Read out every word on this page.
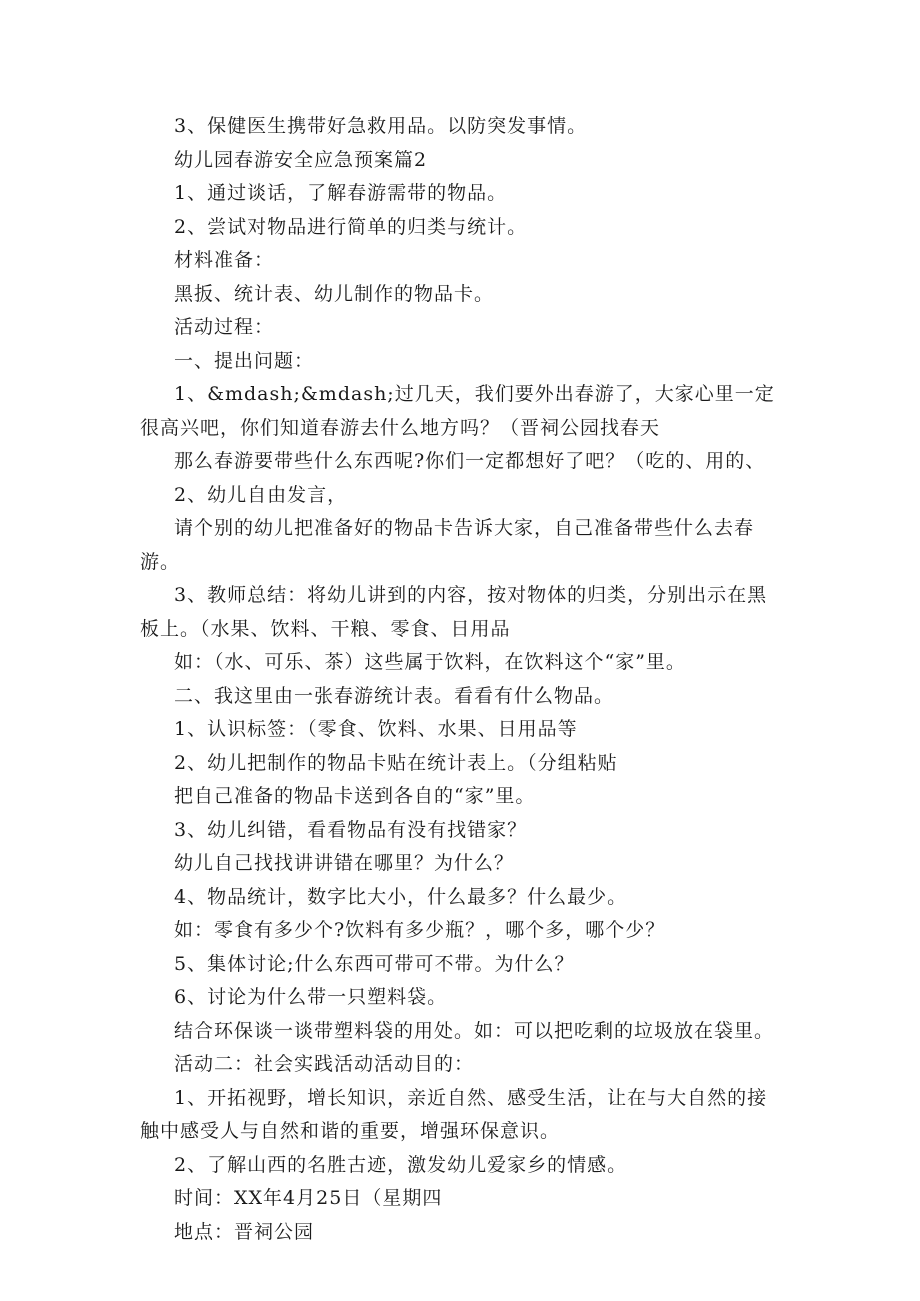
3、保健医生携带好急救用品。以防突发事情。

幼儿园春游安全应急预案篇2

1、通过谈话，了解春游需带的物品。

2、尝试对物品进行简单的归类与统计。

材料准备：

黑扳、统计表、幼儿制作的物品卡。

活动过程：

一、提出问题：

1、&mdash;&mdash;过几天，我们要外出春游了，大家心里一定很高兴吧，你们知道春游去什么地方吗？（晋祠公园找春天

那么春游要带些什么东西呢?你们一定都想好了吧？（吃的、用的、

2、幼儿自由发言，

请个别的幼儿把准备好的物品卡告诉大家，自己准备带些什么去春游。

3、教师总结：将幼儿讲到的内容，按对物体的归类，分别出示在黑板上。（水果、饮料、干粮、零食、日用品

如：（水、可乐、茶）这些属于饮料，在饮料这个“家”里。

二、我这里由一张春游统计表。看看有什么物品。

1、认识标签：（零食、饮料、水果、日用品等

2、幼儿把制作的物品卡贴在统计表上。（分组粘贴

把自己准备的物品卡送到各自的“家”里。

3、幼儿纠错，看看物品有没有找错家？

幼儿自己找找讲讲错在哪里？为什么？

4、物品统计，数字比大小，什么最多？什么最少。

如：零食有多少个?饮料有多少瓶？，哪个多，哪个少？

5、集体讨论;什么东西可带可不带。为什么？

6、讨论为什么带一只塑料袋。

结合环保谈一谈带塑料袋的用处。如：可以把吃剩的垃圾放在袋里。

活动二：社会实践活动活动目的：

1、开拓视野，增长知识，亲近自然、感受生活，让在与大自然的接触中感受人与自然和谐的重要，增强环保意识。

2、了解山西的名胜古迹，激发幼儿爱家乡的情感。

时间：XX年4月25日（星期四

地点：晋祠公园
